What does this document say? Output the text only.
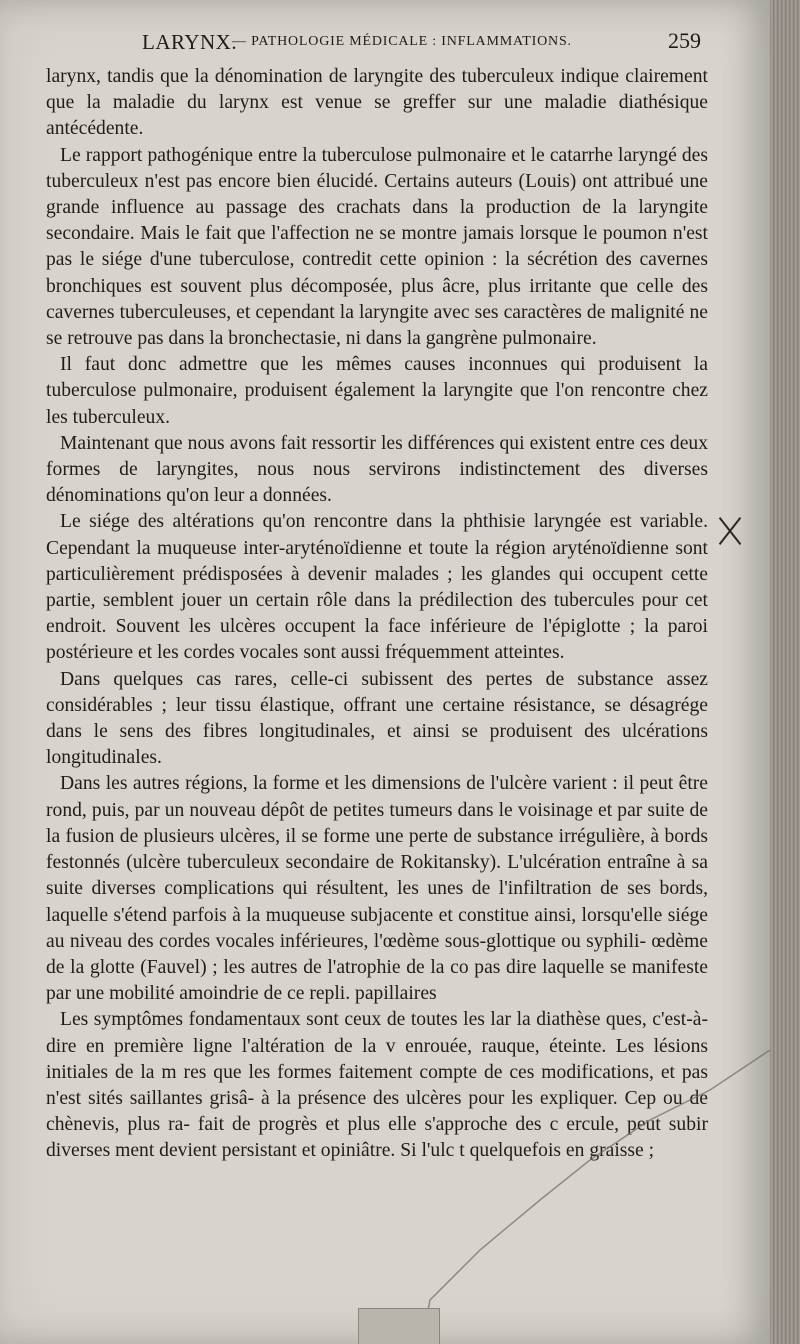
LARYNX.
— PATHOLOGIE MÉDICALE : INFLAMMATIONS.	259

larynx, tandis que la dénomination de laryngite des tuberculeux indique clairement que la maladie du larynx est venue se greffer sur une maladie diathésique antécédente.

Le rapport pathogénique entre la tuberculose pulmonaire et le catarrhe laryngé des tuberculeux n'est pas encore bien élucidé. Certains auteurs (Louis) ont attribué une grande influence au passage des crachats dans la production de la laryngite secondaire. Mais le fait que l'affection ne se montre jamais lorsque le poumon n'est pas le siége d'une tuberculose, contredit cette opinion : la sécrétion des cavernes bronchiques est souvent plus décomposée, plus âcre, plus irritante que celle des cavernes tuberculeuses, et cependant la laryngite avec ses caractères de malignité ne se retrouve pas dans la bronchectasie, ni dans la gangrène pulmonaire.

Il faut donc admettre que les mêmes causes inconnues qui produisent la tuberculose pulmonaire, produisent également la laryngite que l'on rencontre chez les tuberculeux.

Maintenant que nous avons fait ressortir les différences qui existent entre ces deux formes de laryngites, nous nous servirons indistinctement des diverses dénominations qu'on leur a données.

Le siége des altérations qu'on rencontre dans la phthisie laryngée est variable. Cependant la muqueuse inter-aryténoïdienne et toute la région aryténoïdienne sont particulièrement prédisposées à devenir malades ; les glandes qui occupent cette partie, semblent jouer un certain rôle dans la prédilection des tubercules pour cet endroit. Souvent les ulcères occupent la face inférieure de l'épiglotte ; la paroi postérieure et les cordes vocales sont aussi fréquemment atteintes.

Dans quelques cas rares, celle-ci subissent des pertes de substance assez considérables ; leur tissu élastique, offrant une certaine résistance, se désagrége dans le sens des fibres longitudinales, et ainsi se produisent des ulcérations longitudinales.

Dans les autres régions, la forme et les dimensions de l'ulcère varient : il peut être rond, puis, par un nouveau dépôt de petites tumeurs dans le voisinage et par suite de la fusion de plusieurs ulcères, il se forme une perte de substance irrégulière, à bords festonnés (ulcère tuberculeux secondaire de Rokitansky). L'ulcération entraîne à sa suite diverses complications qui résultent, les unes de l'infiltration de ses bords, laquelle s'étend parfois à la muqueuse subjacente et constitue ainsi, lorsqu'elle siége au niveau des cordes vocales inférieures, l'œdème sous-glottique ou syphili- œdème de la glotte (Fauvel) ; les autres de l'atrophie de la co pas dire laquelle se manifeste par une mobilité amoindrie de ce repli. papillaires

Les symptômes fondamentaux sont ceux de toutes les lar la diathèse ques, c'est-à-dire en première ligne l'altération de la v enrouée, rauque, éteinte. Les lésions initiales de la m res que les formes faitement compte de ces modifications, et pas n'est sités saillantes grisâ- à la présence des ulcères pour les expliquer. Cep ou de chènevis, plus ra- fait de progrès et plus elle s'approche des c ercule, peut subir diverses ment devient persistant et opiniâtre. Si l'ulc t quelquefois en graisse ;
